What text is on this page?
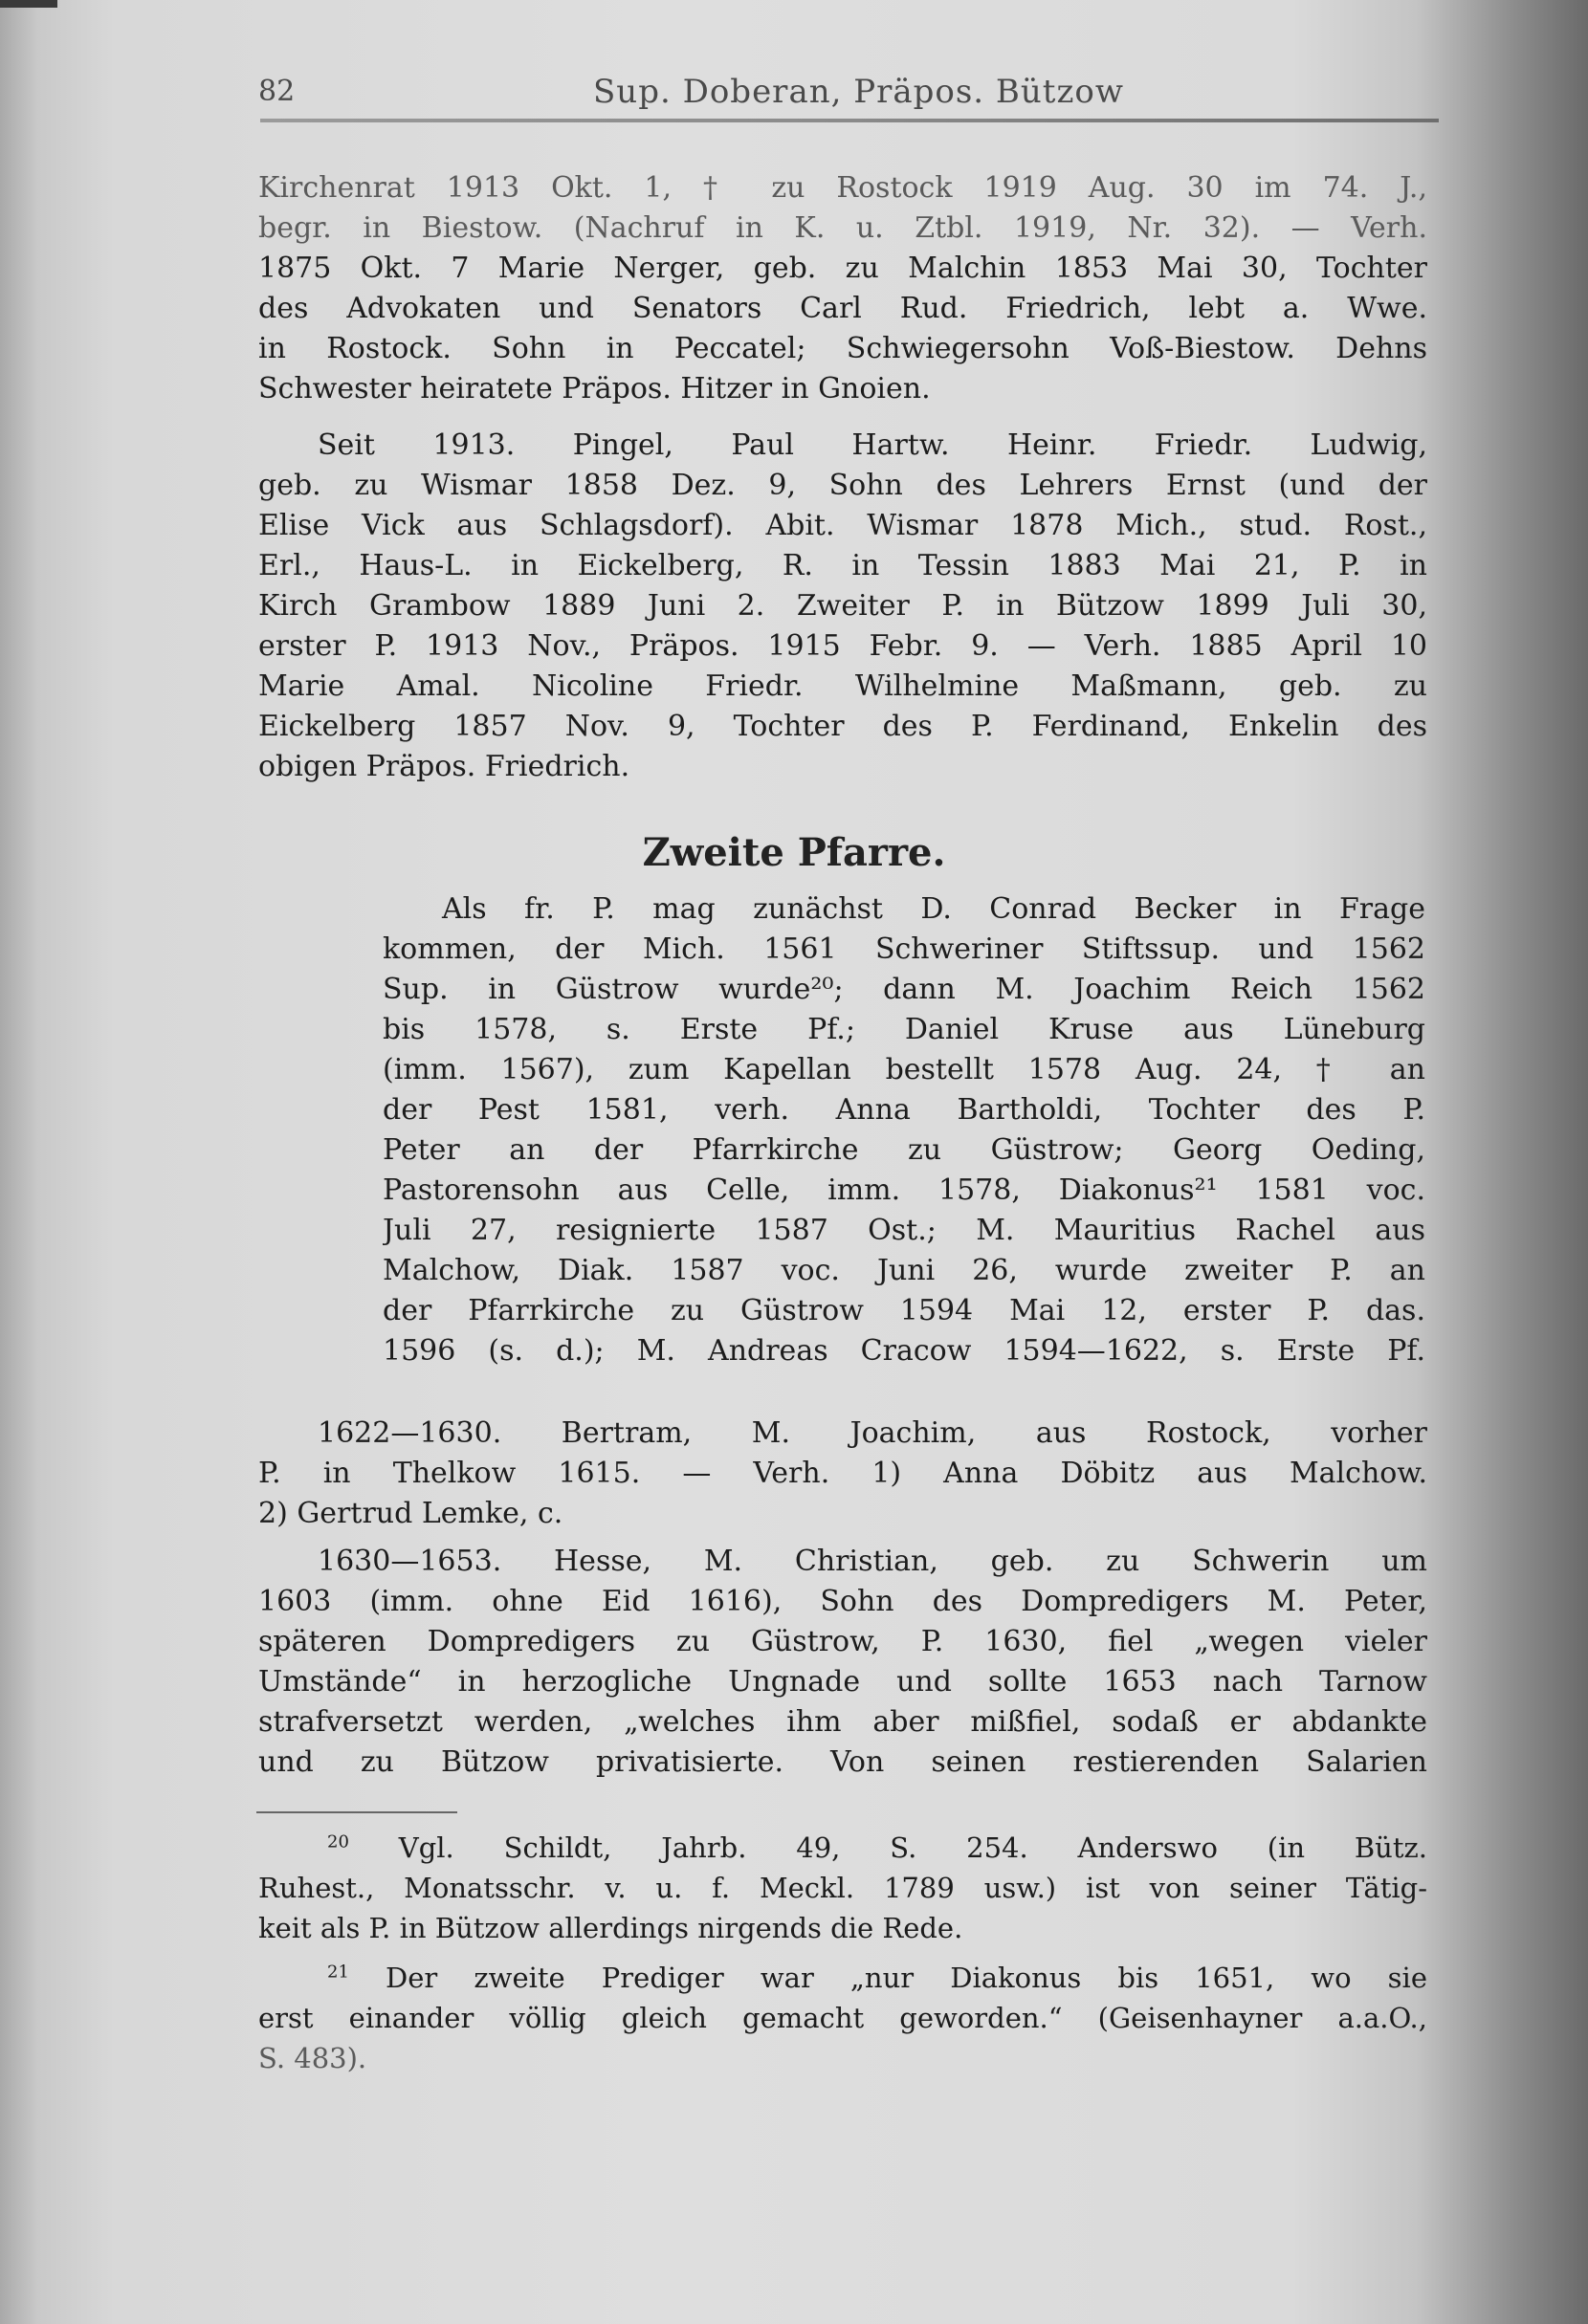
82	Sup. Doberan, Präpos. Bützow
Kirchenrat 1913 Okt. 1, † zu Rostock 1919 Aug. 30 im 74. J.,
begr. in Biestow. (Nachruf in K. u. Ztbl. 1919, Nr. 32). — Verh.
1875 Okt. 7 Marie Nerger, geb. zu Malchin 1853 Mai 30, Tochter
des Advokaten und Senators Carl Rud. Friedrich, lebt a. Wwe.
in Rostock. Sohn in Peccatel; Schwiegersohn Voß-Biestow. Dehns
Schwester heiratete Präpos. Hitzer in Gnoien.
Seit 1913. Pingel, Paul Hartw. Heinr. Friedr. Ludwig,
geb. zu Wismar 1858 Dez. 9, Sohn des Lehrers Ernst (und der
Elise Vick aus Schlagsdorf). Abit. Wismar 1878 Mich., stud. Rost.,
Erl., Haus-L. in Eickelberg, R. in Tessin 1883 Mai 21, P. in
Kirch Grambow 1889 Juni 2. Zweiter P. in Bützow 1899 Juli 30,
erster P. 1913 Nov., Präpos. 1915 Febr. 9. — Verh. 1885 April 10
Marie Amal. Nicoline Friedr. Wilhelmine Maßmann, geb. zu
Eickelberg 1857 Nov. 9, Tochter des P. Ferdinand, Enkelin des
obigen Präpos. Friedrich.
Zweite Pfarre.
Als fr. P. mag zunächst D. Conrad Becker in Frage
kommen, der Mich. 1561 Schweriner Stiftssup. und 1562
Sup. in Güstrow wurde²⁰; dann M. Joachim Reich 1562
bis 1578, s. Erste Pf.; Daniel Kruse aus Lüneburg
(imm. 1567), zum Kapellan bestellt 1578 Aug. 24, † an
der Pest 1581, verh. Anna Bartholdi, Tochter des P.
Peter an der Pfarrkirche zu Güstrow; Georg Oeding,
Pastorensohn aus Celle, imm. 1578, Diakonus²¹ 1581 voc.
Juli 27, resignierte 1587 Ost.; M. Mauritius Rachel aus
Malchow, Diak. 1587 voc. Juni 26, wurde zweiter P. an
der Pfarrkirche zu Güstrow 1594 Mai 12, erster P. das.
1596 (s. d.); M. Andreas Cracow 1594—1622, s. Erste Pf.
1622—1630. Bertram, M. Joachim, aus Rostock, vorher
P. in Thelkow 1615. — Verh. 1) Anna Döbitz aus Malchow.
2) Gertrud Lemke, c.
1630—1653. Hesse, M. Christian, geb. zu Schwerin um
1603 (imm. ohne Eid 1616), Sohn des Dompredigers M. Peter,
späteren Dompredigers zu Güstrow, P. 1630, fiel „wegen vieler
Umstände“ in herzogliche Ungnade und sollte 1653 nach Tarnow
strafversetzt werden, „welches ihm aber mißfiel, sodaß er abdankte
und zu Bützow privatisierte. Von seinen restierenden Salarien
$^{20}$ Vgl. Schildt, Jahrb. 49, S. 254. Anderswo (in Bütz.
Ruhest., Monatsschr. v. u. f. Meckl. 1789 usw.) ist von seiner Tätig-
keit als P. in Bützow allerdings nirgends die Rede.
$^{21}$ Der zweite Prediger war „nur Diakonus bis 1651, wo sie
erst einander völlig gleich gemacht geworden.“ (Geisenhayner a.a.O.,
S. 483).
